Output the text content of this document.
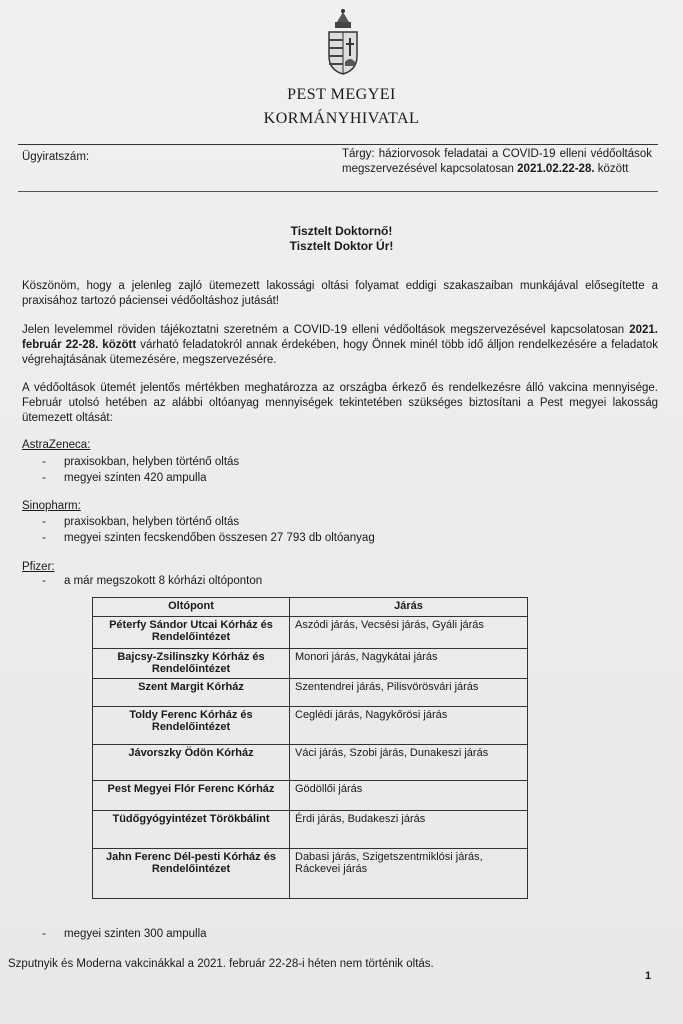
PEST MEGYEI
KORMÁNYHIVATAL
Ügyiratszám:	Tárgy: háziorvosok feladatai a COVID-19 elleni védőoltások megszervezésével kapcsolatosan 2021.02.22-28. között
Tisztelt Doktornő!
Tisztelt Doktor Úr!
Köszönöm, hogy a jelenleg zajló ütemezett lakossági oltási folyamat eddigi szakaszaiban munkájával elősegítette a praxisához tartozó páciensei védőoltáshoz jutását!
Jelen levelemmel röviden tájékoztatni szeretném a COVID-19 elleni védőoltások megszervezésével kapcsolatosan 2021. február 22-28. között várható feladatokról annak érdekében, hogy Önnek minél több idő álljon rendelkezésére a feladatok végrehajtásának ütemezésére, megszervezésére.
A védőoltások ütemét jelentős mértékben meghatározza az országba érkező és rendelkezésre álló vakcina mennyisége. Február utolsó hetében az alábbi oltóanyag mennyiségek tekintetében szükséges biztosítani a Pest megyei lakosság ütemezett oltását:
AstraZeneca:
- praxisokban, helyben történő oltás
- megyei szinten 420 ampulla
Sinopharm:
- praxisokban, helyben történő oltás
- megyei szinten fecskendőben összesen 27 793 db oltóanyag
Pfizer:
- a már megszokott 8 kórházi oltóponton
Oltópont	Járás
Péterfy Sándor Utcai Kórház és Rendelőintézet	Aszódi járás, Vecsési járás, Gyáli járás
Bajcsy-Zsilinszky Kórház és Rendelőintézet	Monori járás, Nagykátai járás
Szent Margit Kórház	Szentendrei járás, Pilisvörösvári járás
Toldy Ferenc Kórház és Rendelőintézet	Ceglédi járás, Nagykőrösi járás
Jávorszky Ödön Kórház	Váci járás, Szobi járás, Dunakeszi járás
Pest Megyei Flór Ferenc Kórház	Gödöllői járás
Tüdőgyógyintézet Törökbálint	Érdi járás, Budakeszi járás
Jahn Ferenc Dél-pesti Kórház és Rendelőintézet	Dabasi járás, Szigetszentmiklósi járás, Ráckevei járás
- megyei szinten 300 ampulla
Szputnyik és Moderna vakcinákkal a 2021. február 22-28-i héten nem történik oltás.
1
